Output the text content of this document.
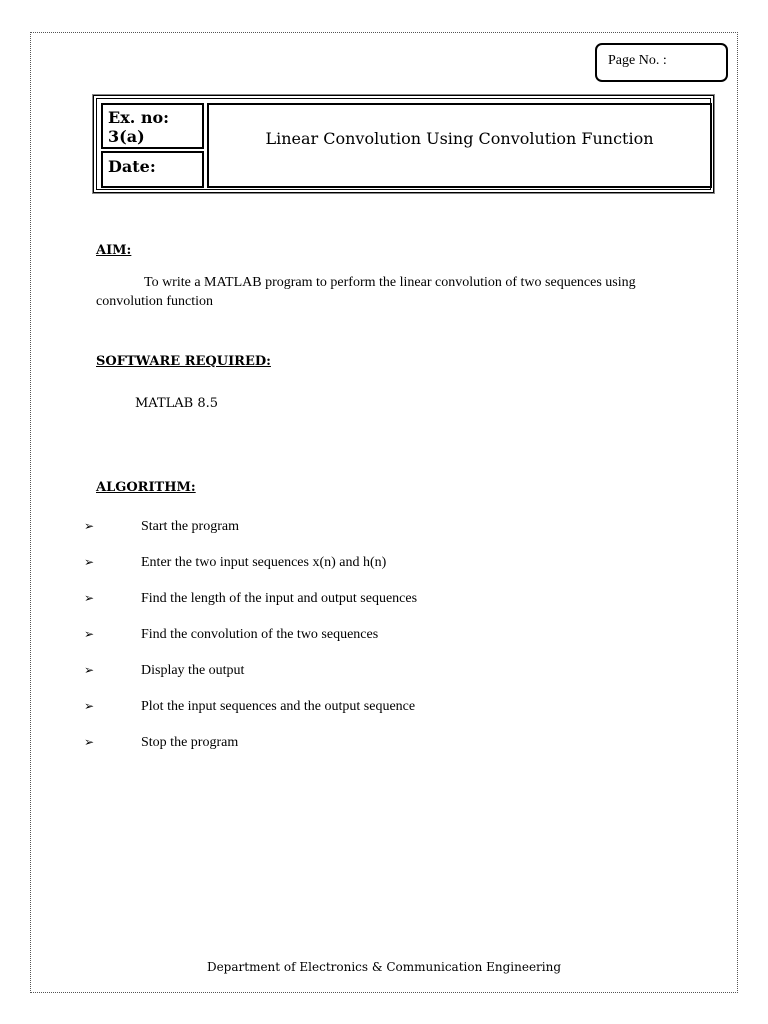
Page No. :
Ex. no: 3(a)
Date:
Linear Convolution Using Convolution Function
AIM:

To write a MATLAB program to perform the linear convolution of two sequences using convolution function

SOFTWARE REQUIRED:
MATLAB 8.5
ALGORITHM:
➢	Start the program
➢	Enter the two input sequences x(n) and h(n)
➢	Find the length of the input and output sequences
➢	Find the convolution of the two sequences
➢	Display the output
➢	Plot the input sequences and the output sequence
➢	Stop the program
Department of Electronics & Communication Engineering
